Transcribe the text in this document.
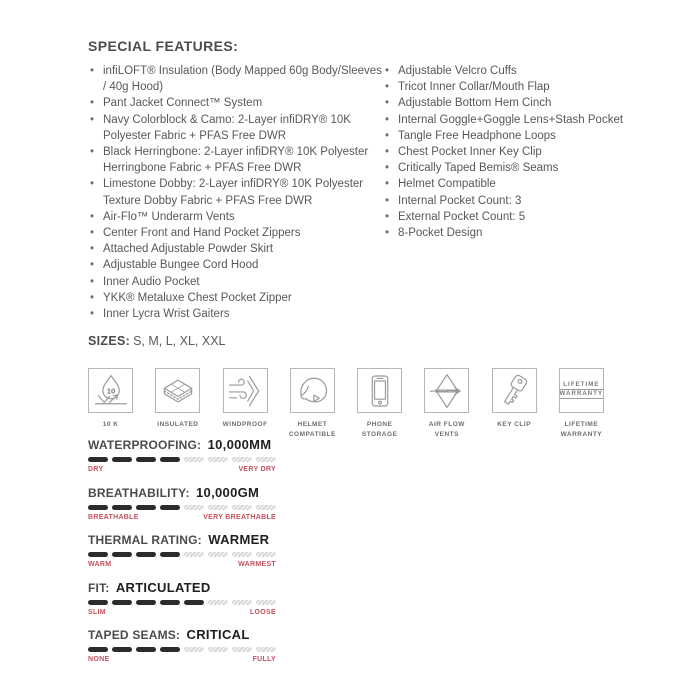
SPECIAL FEATURES:
• infiLOFT® Insulation (Body Mapped 60g Body/Sleeves / 40g Hood)
• Pant Jacket Connect™ System
• Navy Colorblock & Camo: 2-Layer infiDRY® 10K Polyester Fabric + PFAS Free DWR
• Black Herringbone: 2-Layer infiDRY® 10K Polyester Herringbone Fabric + PFAS Free DWR
• Limestone Dobby: 2-Layer infiDRY® 10K Polyester Texture Dobby Fabric + PFAS Free DWR
• Air-Flo™ Underarm Vents
• Center Front and Hand Pocket Zippers
• Attached Adjustable Powder Skirt
• Adjustable Bungee Cord Hood
• Inner Audio Pocket
• YKK® Metaluxe Chest Pocket Zipper
• Inner Lycra Wrist Gaiters
• Adjustable Velcro Cuffs
• Tricot Inner Collar/Mouth Flap
• Adjustable Bottom Hem Cinch
• Internal Goggle+Goggle Lens+Stash Pocket
• Tangle Free Headphone Loops
• Chest Pocket Inner Key Clip
• Critically Taped Bemis® Seams
• Helmet Compatible
• Internal Pocket Count: 3
• External Pocket Count: 5
• 8-Pocket Design
SIZES: S, M, L, XL, XXL
10
10 K	INSULATED	WINDPROOF	HELMET COMPATIBLE
PHONE STORAGE
AIR FLOW VENTS
KEY CLIP
LIFETIME
WARRANTY
LIFETIME WARRANTY
WATERPROOFING: 10,000MM
DRY	VERY DRY
BREATHABILITY: 10,000GM
BREATHABLE	VERY BREATHABLE
THERMAL RATING: WARMER
WARM	WARMEST
FIT: ARTICULATED
SLIM	LOOSE
TAPED SEAMS: CRITICAL
NONE	FULLY
